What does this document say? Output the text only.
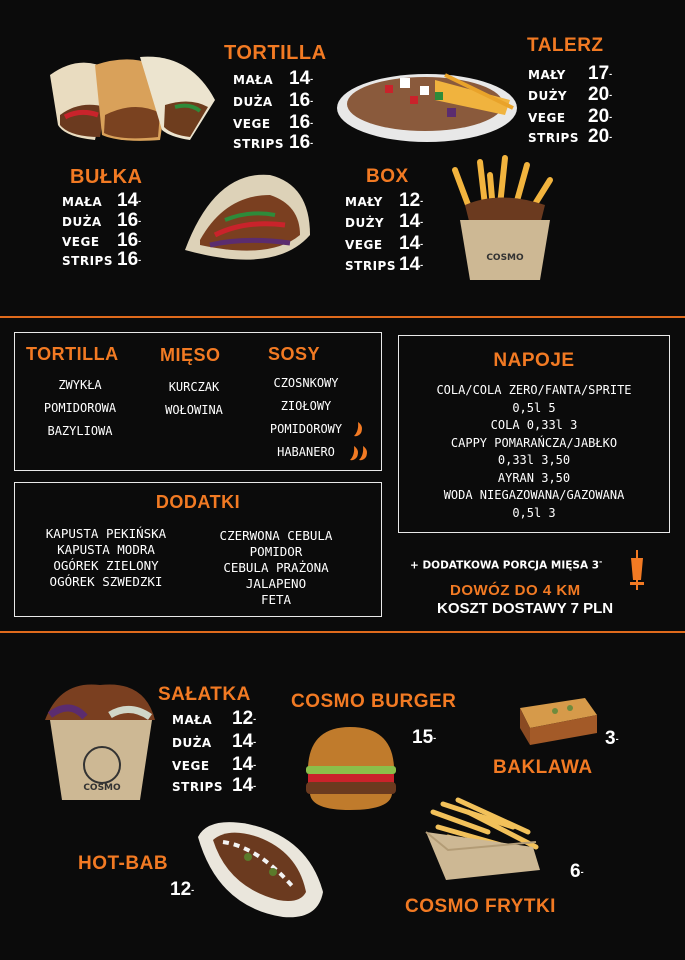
TORTILLA
MAŁA 14-
DUŻA 16-
VEGE 16-
STRIPS 16-
TALERZ
MAŁY 17-
DUŻY 20-
VEGE 20-
STRIPS 20-
BUŁKA
MAŁA 14-
DUŻA 16-
VEGE 16-
STRIPS 16-
BOX
MAŁY 12-
DUŻY 14-
VEGE 14-
STRIPS 14-
COSMO
TORTILLA MIĘSO	SOSY
ZWYKŁA
POMIDOROWA
BAZYLIOWA
KURCZAK
WOŁOWINA
CZOSNKOWY
ZIOŁOWY
POMIDOROWY
HABANERO
NAPOJE
COLA/COLA ZERO/FANTA/SPRITE
0,5l 5
COLA 0,33l 3
CAPPY POMARAŃCZA/JABŁKO
0,33l 3,50
AYRAN 3,50
WODA NIEGAZOWANA/GAZOWANA
0,5l 3
DODATKI
KAPUSTA PEKIŃSKA
KAPUSTA MODRA
OGÓREK ZIELONY
OGÓREK SZWEDZKI
CZERWONA CEBULA
POMIDOR
CEBULA PRAŻONA
JALAPENO
FETA
+ DODATKOWA PORCJA MIĘSA 3-
DOWÓZ DO 4 KM
KOSZT DOSTAWY 7 PLN
COSMO
SAŁATKA
MAŁA 12-
DUŻA 14-
VEGE 14-
STRIPS 14-
COSMO BURGER
15-	3-
BAKLAWA
HOT-BAB
12-
6-
COSMO FRYTKI
